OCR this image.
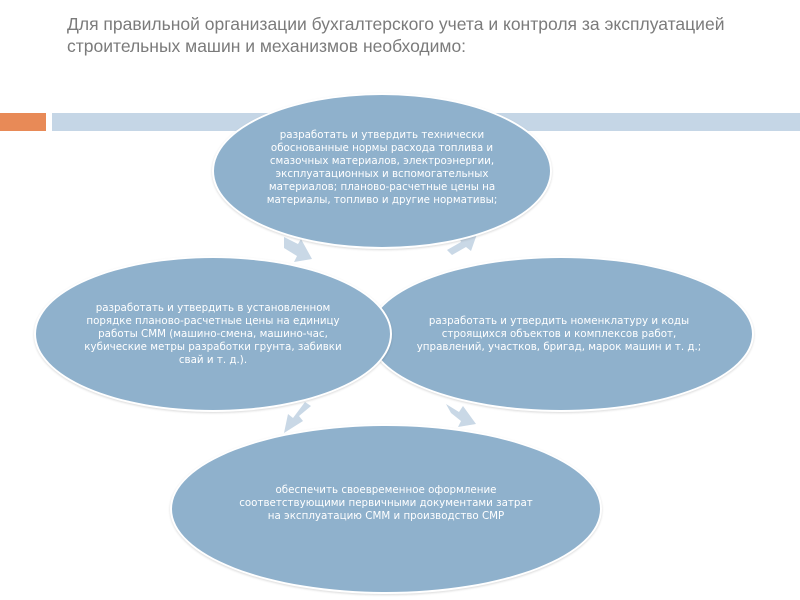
Для правильной организации бухгалтерского учета и контроля за эксплуатацией строительных машин и механизмов необходимо:
разработать и утвердить технически обоснованные нормы расхода топлива и смазочных материалов, электроэнергии, эксплуатационных и вспомогательных материалов; планово-расчетные цены на материалы, топливо и другие нормативы;
разработать и утвердить номенклатуру и коды строящихся объектов и комплексов работ, управлений, участков, бригад, марок машин и т. д.;
разработать и утвердить в установленном порядке планово-расчетные цены на единицу работы СММ (машино-смена, машино-час, кубические метры разработки грунта, забивки свай и т. д.).
обеспечить своевременное оформление соответствующими первичными документами затрат на эксплуатацию СММ и производство СМР
